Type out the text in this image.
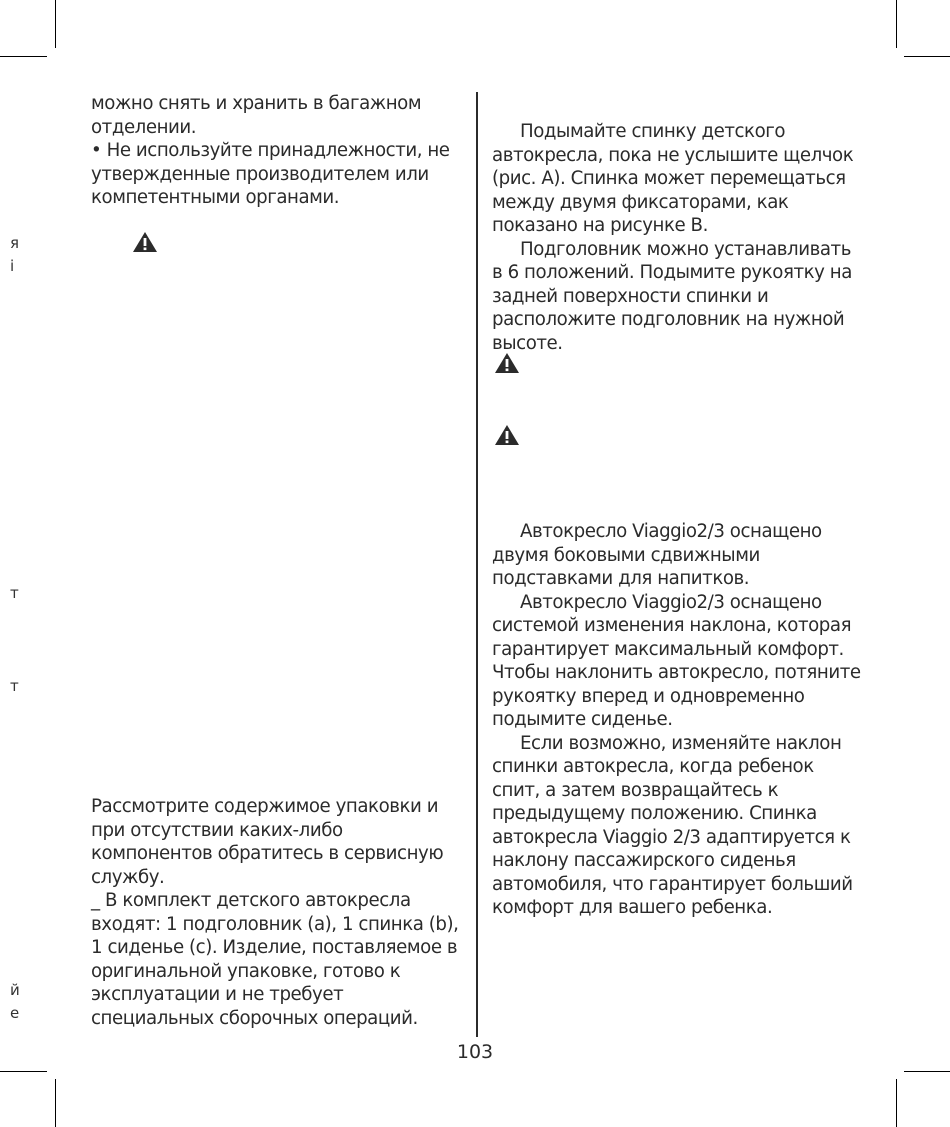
я
і
т
т
й
е

можно снять и хранить в багажном отделении.

• Не используйте принадлежности, не утвержденные производителем или компетентными органами.

Рассмотрите содержимое упаковки и при отсутствии каких-либо компонентов обратитесь в сервисную службу.

_ В комплект детского автокресла входят: 1 подголовник (a), 1 спинка (b), 1 сиденье (c). Изделие, поставляемое в оригинальной упаковке, готово к эксплуатации и не требует специальных сборочных операций.

Подымайте спинку детского автокресла, пока не услышите щелчок (рис. A). Спинка может перемещаться между двумя фиксаторами, как показано на рисунке B.

Подголовник можно устанавливать в 6 положений. Подымите рукоятку на задней поверхности спинки и расположите подголовник на нужной высоте.

Автокресло Viaggio2/3 оснащено двумя боковыми сдвижными подставками для напитков.

Автокресло Viaggio2/3 оснащено системой изменения наклона, которая гарантирует максимальный комфорт. Чтобы наклонить автокресло, потяните рукоятку вперед и одновременно подымите сиденье.

Если возможно, изменяйте наклон спинки автокресла, когда ребенок спит, а затем возвращайтесь к предыдущему положению. Спинка автокресла Viaggio 2/3 адаптируется к наклону пассажирского сиденья автомобиля, что гарантирует больший комфорт для вашего ребенка.

103
